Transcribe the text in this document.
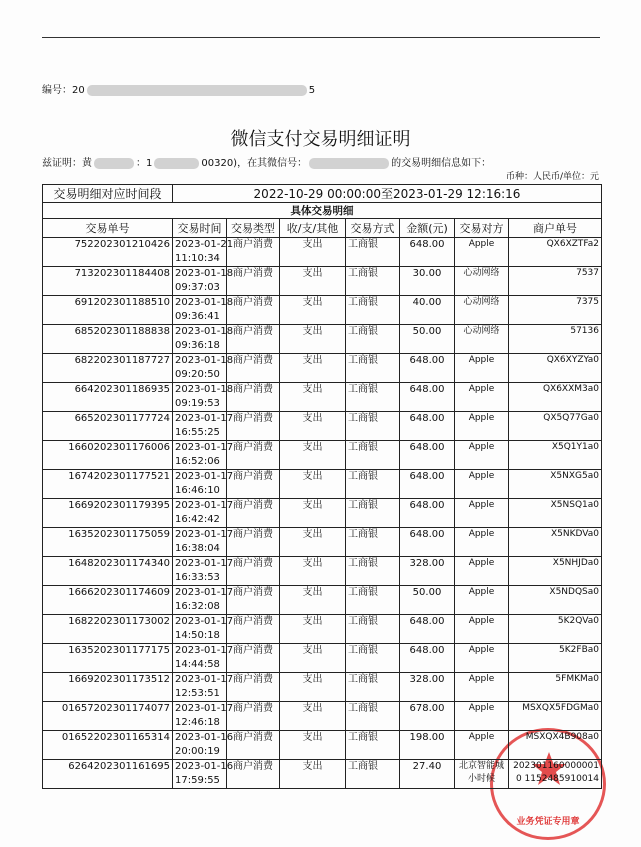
编号：20	5
微信支付交易明细证明
兹证明：黄	：1	00320)，在其微信号：	的交易明细信息如下：
币种：人民币/单位：元
交易明细对应时间段	2022-10-29 00:00:00至2023-01-29 12:16:16						
具体交易明细							
交易单号	交易时间	交易类型	收/支/其他	交易方式	金额(元)	交易对方	商户单号

752202301210426	2023-01-21
11:10:34	商户消费	支出	工商银	648.00	Apple	QX6XZTFa2

713202301184408	2023-01-18
09:37:03	商户消费	支出	工商银	30.00	心动网络	7537

691202301188510	2023-01-18
09:36:41	商户消费	支出	工商银	40.00	心动网络	7375

685202301188838	2023-01-18
09:36:18	商户消费	支出	工商银	50.00	心动网络	57136

682202301187727	2023-01-18
09:20:50	商户消费	支出	工商银	648.00	Apple	QX6XYZYa0

664202301186935	2023-01-18
09:19:53	商户消费	支出	工商银	648.00	Apple	QX6XXM3a0

665202301177724	2023-01-17
16:55:25	商户消费	支出	工商银	648.00	Apple	QX5Q77Ga0

1660202301176006	2023-01-17
16:52:06	商户消费	支出	工商银	648.00	Apple	X5Q1Y1a0

1674202301177521	2023-01-17
16:46:10	商户消费	支出	工商银	648.00	Apple	X5NXG5a0

1669202301179395	2023-01-17
16:42:42	商户消费	支出	工商银	648.00	Apple	X5NSQ1a0

1635202301175059	2023-01-17
16:38:04	商户消费	支出	工商银	648.00	Apple	X5NKDVa0

1648202301174340	2023-01-17
16:33:53	商户消费	支出	工商银	328.00	Apple	X5NHJDa0

1666202301174609	2023-01-17
16:32:08	商户消费	支出	工商银	50.00	Apple	X5NDQSa0

1682202301173002	2023-01-17
14:50:18	商户消费	支出	工商银	648.00	Apple	5K2QVa0

1635202301177175	2023-01-17
14:44:58	商户消费	支出	工商银	648.00	Apple	5K2FBa0

1669202301173512	2023-01-17
12:53:51	商户消费	支出	工商银	328.00	Apple	5FMKMa0

01657202301174077	2023-01-17
12:46:18	商户消费	支出	工商银	678.00	Apple	MSXQX5FDGMa0

01652202301165314	2023-01-16
20:00:19	商户消费	支出	工商银	198.00	Apple	MSXQX4B908a0

6264202301161695	2023-01-16
17:59:55	商户消费	支出	工商银	27.40	北京智能城 小时候	2023011600000010 1152485910014
业务凭证专用章
